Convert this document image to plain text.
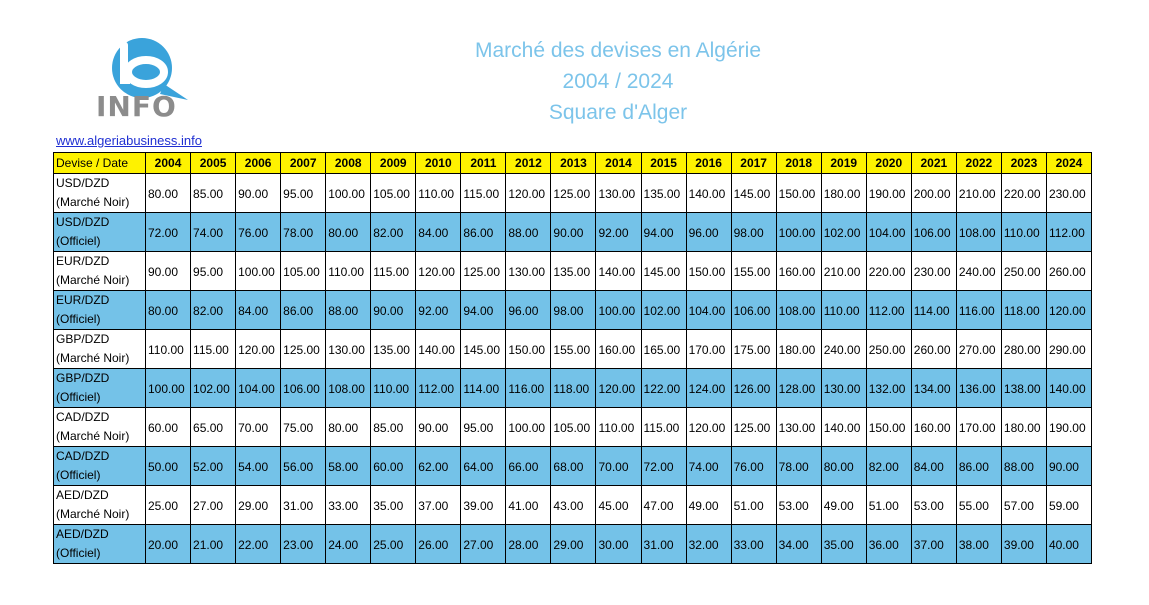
INFO
Marché des devises en Algérie
2004 / 2024
Square d'Alger
www.algeriabusiness.info
Devise / Date	2004	2005	2006	2007	2008	2009	2010	2011	2012	2013	2014	2015	2016	2017	2018	2019	2020	2021	2022	2023	2024

USD/DZD
(Marché Noir)	80.00	85.00	90.00	95.00	100.00	105.00	110.00	115.00	120.00	125.00	130.00	135.00	140.00	145.00	150.00	180.00	190.00	200.00	210.00	220.00	230.00

USD/DZD
(Officiel)	72.00	74.00	76.00	78.00	80.00	82.00	84.00	86.00	88.00	90.00	92.00	94.00	96.00	98.00	100.00	102.00	104.00	106.00	108.00	110.00	112.00

EUR/DZD
(Marché Noir)	90.00	95.00	100.00	105.00	110.00	115.00	120.00	125.00	130.00	135.00	140.00	145.00	150.00	155.00	160.00	210.00	220.00	230.00	240.00	250.00	260.00

EUR/DZD
(Officiel)	80.00	82.00	84.00	86.00	88.00	90.00	92.00	94.00	96.00	98.00	100.00	102.00	104.00	106.00	108.00	110.00	112.00	114.00	116.00	118.00	120.00

GBP/DZD
(Marché Noir)	110.00	115.00	120.00	125.00	130.00	135.00	140.00	145.00	150.00	155.00	160.00	165.00	170.00	175.00	180.00	240.00	250.00	260.00	270.00	280.00	290.00

GBP/DZD
(Officiel)	100.00	102.00	104.00	106.00	108.00	110.00	112.00	114.00	116.00	118.00	120.00	122.00	124.00	126.00	128.00	130.00	132.00	134.00	136.00	138.00	140.00

CAD/DZD
(Marché Noir)	60.00	65.00	70.00	75.00	80.00	85.00	90.00	95.00	100.00	105.00	110.00	115.00	120.00	125.00	130.00	140.00	150.00	160.00	170.00	180.00	190.00

CAD/DZD
(Officiel)	50.00	52.00	54.00	56.00	58.00	60.00	62.00	64.00	66.00	68.00	70.00	72.00	74.00	76.00	78.00	80.00	82.00	84.00	86.00	88.00	90.00

AED/DZD
(Marché Noir)	25.00	27.00	29.00	31.00	33.00	35.00	37.00	39.00	41.00	43.00	45.00	47.00	49.00	51.00	53.00	49.00	51.00	53.00	55.00	57.00	59.00

AED/DZD
(Officiel)	20.00	21.00	22.00	23.00	24.00	25.00	26.00	27.00	28.00	29.00	30.00	31.00	32.00	33.00	34.00	35.00	36.00	37.00	38.00	39.00	40.00
